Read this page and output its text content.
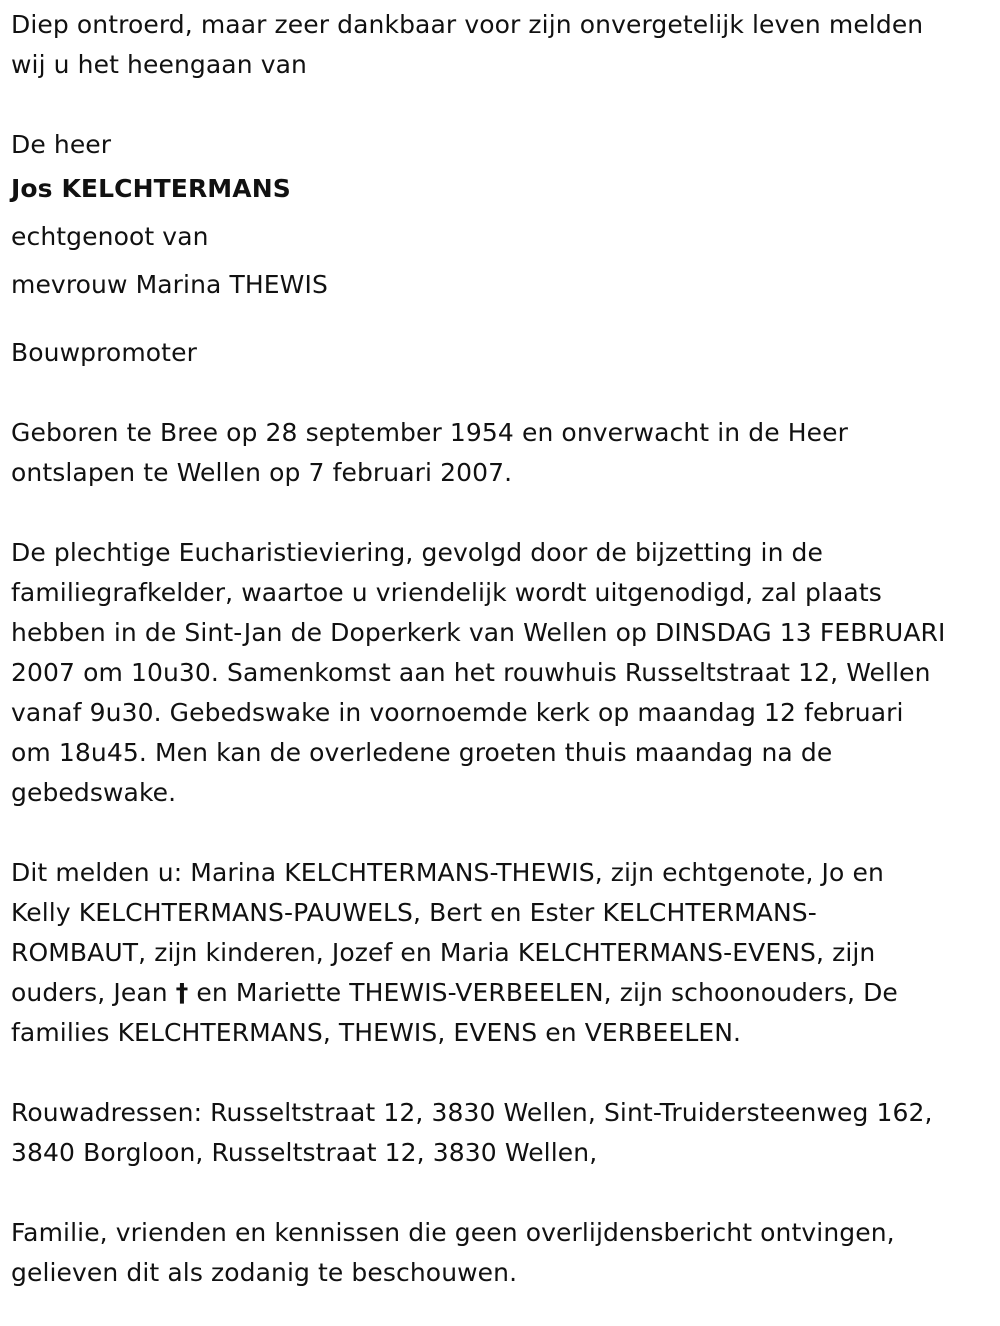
Diep ontroerd, maar zeer dankbaar voor zijn onvergetelijk leven melden
wij u het heengaan van

De heer

Jos KELCHTERMANS

echtgenoot van

mevrouw Marina THEWIS

Bouwpromoter

Geboren te Bree op 28 september 1954 en onverwacht in de Heer
ontslapen te Wellen op 7 februari 2007.

De plechtige Eucharistieviering, gevolgd door de bijzetting in de
familiegrafkelder, waartoe u vriendelijk wordt uitgenodigd, zal plaats
hebben in de Sint-Jan de Doperkerk van Wellen op DINSDAG 13 FEBRUARI
2007 om 10u30. Samenkomst aan het rouwhuis Russeltstraat 12, Wellen
vanaf 9u30. Gebedswake in voornoemde kerk op maandag 12 februari
om 18u45. Men kan de overledene groeten thuis maandag na de
gebedswake.

Dit melden u: Marina KELCHTERMANS-THEWIS, zijn echtgenote, Jo en
Kelly KELCHTERMANS-PAUWELS, Bert en Ester KELCHTERMANS-
ROMBAUT, zijn kinderen, Jozef en Maria KELCHTERMANS-EVENS, zijn
ouders, Jean † en Mariette THEWIS-VERBEELEN, zijn schoonouders, De
families KELCHTERMANS, THEWIS, EVENS en VERBEELEN.

Rouwadressen: Russeltstraat 12, 3830 Wellen, Sint-Truidersteenweg 162,
3840 Borgloon, Russeltstraat 12, 3830 Wellen,

Familie, vrienden en kennissen die geen overlijdensbericht ontvingen,
gelieven dit als zodanig te beschouwen.
